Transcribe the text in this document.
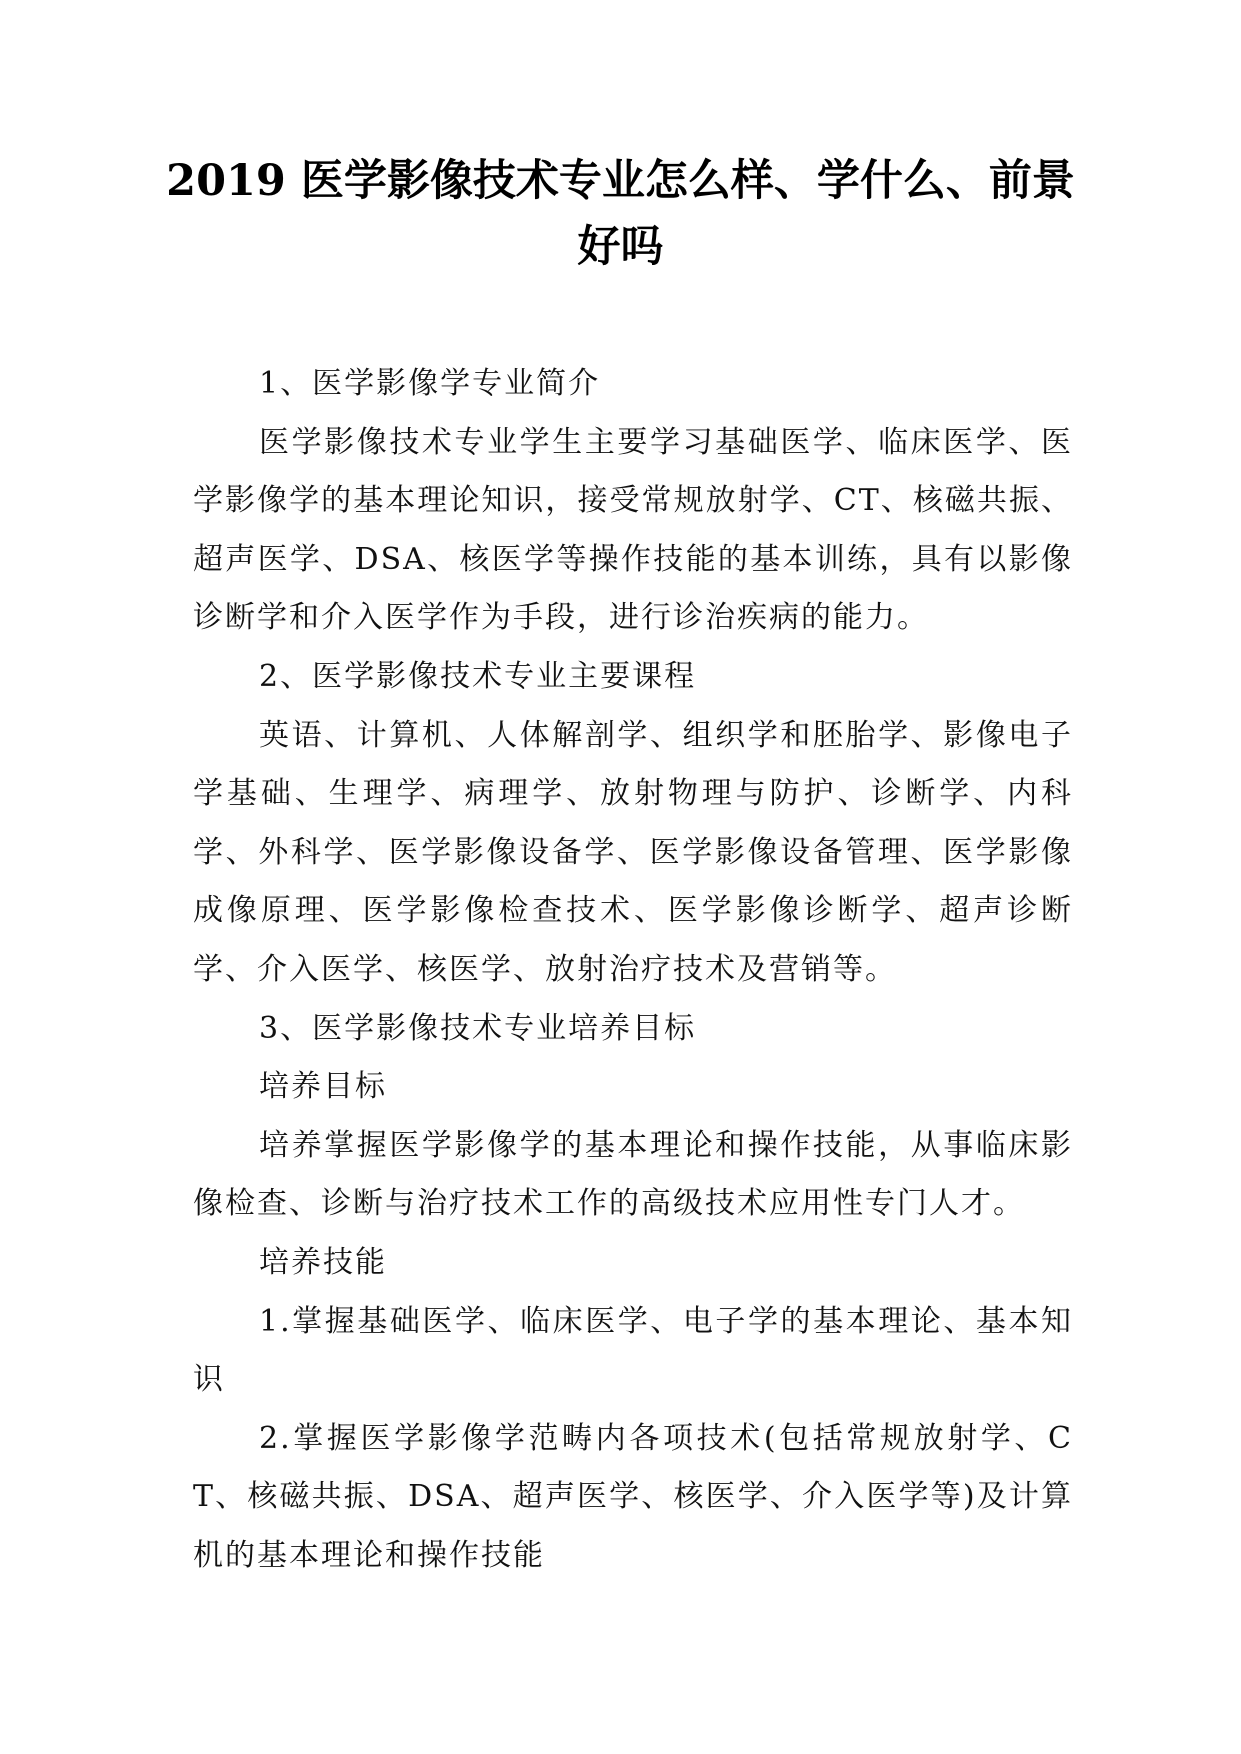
2019 医学影像技术专业怎么样、学什么、前景好吗

1、医学影像学专业简介

医学影像技术专业学生主要学习基础医学、临床医学、医学影像学的基本理论知识，接受常规放射学、CT、核磁共振、超声医学、DSA、核医学等操作技能的基本训练，具有以影像诊断学和介入医学作为手段，进行诊治疾病的能力。

2、医学影像技术专业主要课程

英语、计算机、人体解剖学、组织学和胚胎学、影像电子学基础、生理学、病理学、放射物理与防护、诊断学、内科学、外科学、医学影像设备学、医学影像设备管理、医学影像成像原理、医学影像检查技术、医学影像诊断学、超声诊断学、介入医学、核医学、放射治疗技术及营销等。

3、医学影像技术专业培养目标

培养目标

培养掌握医学影像学的基本理论和操作技能，从事临床影像检查、诊断与治疗技术工作的高级技术应用性专门人才。

培养技能

1.掌握基础医学、临床医学、电子学的基本理论、基本知识

2.掌握医学影像学范畴内各项技术(包括常规放射学、CT、核磁共振、DSA、超声医学、核医学、介入医学等)及计算机的基本理论和操作技能
